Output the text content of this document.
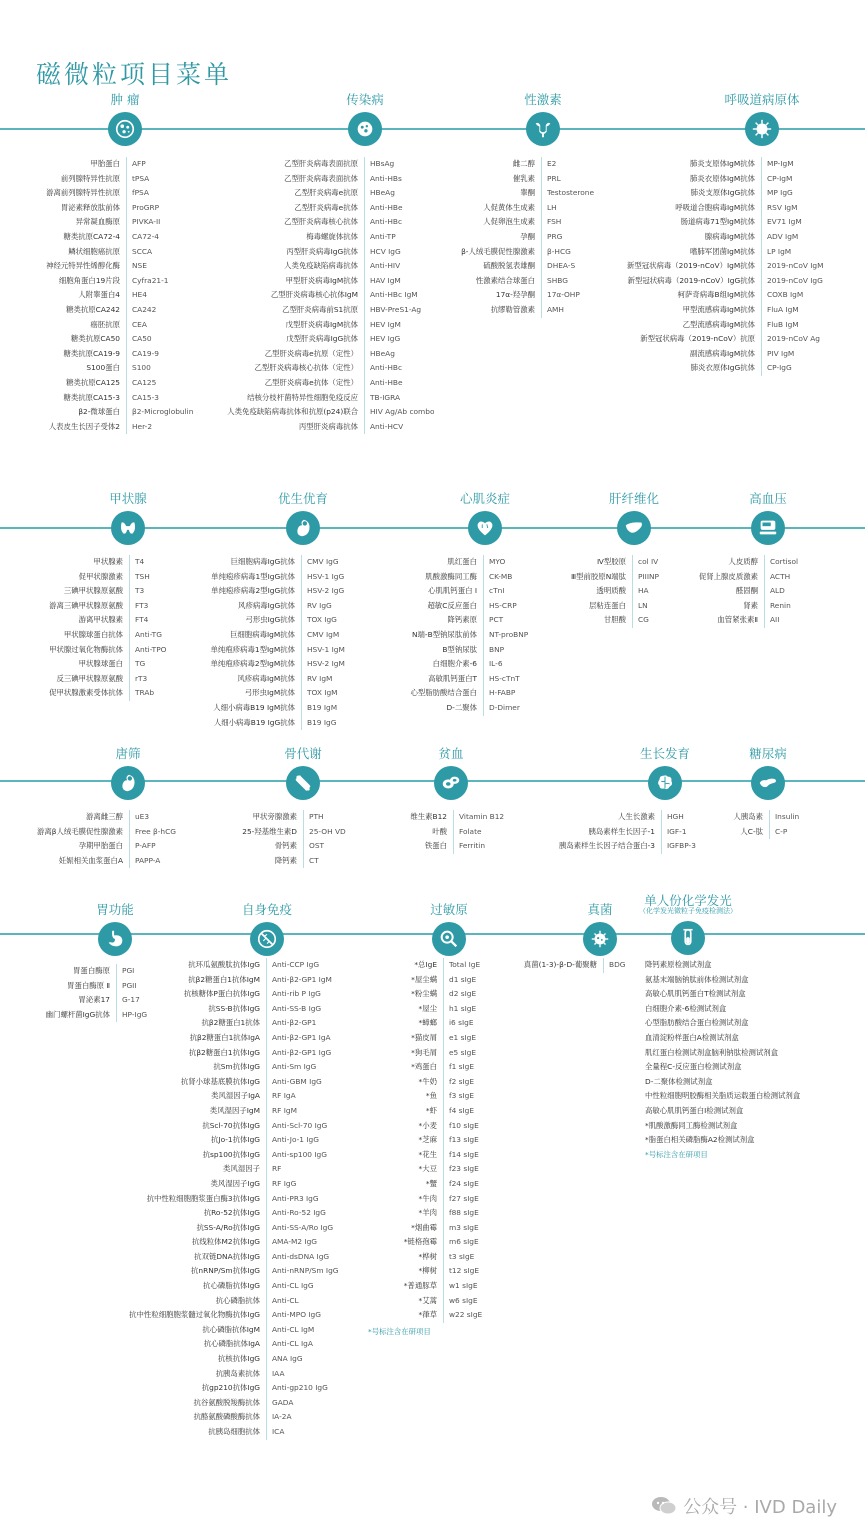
磁微粒项目菜单
肿 瘤
甲胎蛋白
前列腺特异性抗原
游离前列腺特异性抗原
胃泌素释放肽前体
异常凝血酶原
糖类抗原CA72-4
鳞状细胞癌抗原
神经元特异性烯醇化酶
细胞角蛋白19片段
人附睾蛋白4
糖类抗原CA242
癌胚抗原
糖类抗原CA50
糖类抗原CA19-9
S100蛋白
糖类抗原CA125
糖类抗原CA15-3
β2-微球蛋白
人表皮生长因子受体2
AFP
tPSA
fPSA
ProGRP
PIVKA-II
CA72-4
SCCA
NSE
Cyfra21-1
HE4
CA242
CEA
CA50
CA19-9
S100
CA125
CA15-3
β2-Microglobulin
Her-2
传染病
乙型肝炎病毒表面抗原
乙型肝炎病毒表面抗体
乙型肝炎病毒e抗原
乙型肝炎病毒e抗体
乙型肝炎病毒核心抗体
梅毒螺旋体抗体
丙型肝炎病毒IgG抗体
人类免疫缺陷病毒抗体
甲型肝炎病毒IgM抗体
乙型肝炎病毒核心抗体IgM
乙型肝炎病毒前S1抗原
戊型肝炎病毒IgM抗体
戊型肝炎病毒IgG抗体
乙型肝炎病毒e抗原（定性）
乙型肝炎病毒核心抗体（定性）
乙型肝炎病毒e抗体（定性）
结核分枝杆菌特异性细胞免疫反应
人类免疫缺陷病毒抗体和抗原(p24)联合
丙型肝炎病毒抗体
HBsAg
Anti-HBs
HBeAg
Anti-HBe
Anti-HBc
Anti-TP
HCV IgG
Anti-HIV
HAV IgM
Anti-HBc IgM
HBV-PreS1-Ag
HEV IgM
HEV IgG
HBeAg
Anti-HBc
Anti-HBe
TB-IGRA
HIV Ag/Ab combo
Anti-HCV
性激素
雌二醇
催乳素
睾酮
人促黄体生成素
人促卵泡生成素
孕酮
β-人绒毛膜促性腺激素
硫酸脱氢表雄酮
性激素结合球蛋白
17α-羟孕酮
抗缪勒管激素
E2
PRL
Testosterone
LH
FSH
PRG
β-HCG
DHEA-S
SHBG
17α-OHP
AMH
呼吸道病原体
肺炎支原体IgM抗体
肺炎衣原体IgM抗体
肺炎支原体IgG抗体
呼吸道合胞病毒IgM抗体
肠道病毒71型IgM抗体
腺病毒IgM抗体
嗜肺军团菌IgM抗体
新型冠状病毒（2019-nCoV）IgM抗体
新型冠状病毒（2019-nCoV）IgG抗体
柯萨奇病毒B组IgM抗体
甲型流感病毒IgM抗体
乙型流感病毒IgM抗体
新型冠状病毒（2019-nCoV）抗原
副流感病毒IgM抗体
肺炎衣原体IgG抗体
MP-IgM
CP-IgM
MP IgG
RSV IgM
EV71 IgM
ADV IgM
LP IgM
2019-nCoV IgM
2019-nCoV IgG
COXB IgM
FluA IgM
FluB IgM
2019-nCoV Ag
PIV IgM
CP-IgG
甲状腺
甲状腺素
促甲状腺激素
三碘甲状腺原氨酸
游离三碘甲状腺原氨酸
游离甲状腺素
甲状腺球蛋白抗体
甲状腺过氧化物酶抗体
甲状腺球蛋白
反三碘甲状腺原氨酸
促甲状腺激素受体抗体
T4
TSH
T3
FT3
FT4
Anti-TG
Anti-TPO
TG
rT3
TRAb
优生优育
巨细胞病毒IgG抗体
单纯疱疹病毒1型IgG抗体
单纯疱疹病毒2型IgG抗体
风疹病毒IgG抗体
弓形虫IgG抗体
巨细胞病毒IgM抗体
单纯疱疹病毒1型IgM抗体
单纯疱疹病毒2型IgM抗体
风疹病毒IgM抗体
弓形虫IgM抗体
人细小病毒B19 IgM抗体
人细小病毒B19 IgG抗体
CMV IgG
HSV-1 IgG
HSV-2 IgG
RV IgG
TOX IgG
CMV IgM
HSV-1 IgM
HSV-2 IgM
RV IgM
TOX IgM
B19 IgM
B19 IgG
心肌炎症
肌红蛋白
肌酸激酶同工酶
心肌肌钙蛋白 I
超敏C反应蛋白
降钙素原
N端-B型钠尿肽前体
B型钠尿肽
白细胞介素-6
高敏肌钙蛋白T
心型脂肪酸结合蛋白
D-二聚体
MYO
CK-MB
cTnI
HS-CRP
PCT
NT-proBNP
BNP
IL-6
HS-cTnT
H-FABP
D-Dimer
肝纤维化
Ⅳ型胶原
Ⅲ型前胶原N端肽
透明质酸
层粘连蛋白
甘胆酸
col IV
PIIINP
HA
LN
CG
高血压
人皮质醇
促肾上腺皮质激素
醛固酮
肾素
血管紧张素Ⅱ
Cortisol
ACTH
ALD
Renin
AII
唐筛
游离雌三醇
游离β人绒毛膜促性腺激素
孕期甲胎蛋白
妊娠相关血浆蛋白A
uE3
Free β-hCG
P-AFP
PAPP-A
骨代谢
甲状旁腺激素
25-羟基维生素D
骨钙素
降钙素
PTH
25-OH VD
OST
CT
贫血
维生素B12
叶酸
铁蛋白
Vitamin B12
Folate
Ferritin
生长发育
人生长激素
胰岛素样生长因子-1
胰岛素样生长因子结合蛋白-3
HGH
IGF-1
IGFBP-3
糖尿病
人胰岛素
人C-肽
Insulin
C-P
胃功能
胃蛋白酶原
胃蛋白酶原 Ⅱ
胃泌素17
幽门螺杆菌IgG抗体
PGI
PGII
G-17
HP-IgG
自身免疫
抗环瓜氨酸肽抗体IgG
抗β2糖蛋白1抗体IgM
抗核糖体P蛋白抗体IgG
抗SS-B抗体IgG
抗β2糖蛋白1抗体
抗β2糖蛋白1抗体IgA
抗β2糖蛋白1抗体IgG
抗Sm抗体IgG
抗肾小球基底膜抗体IgG
类风湿因子IgA
类风湿因子IgM
抗Scl-70抗体IgG
抗Jo-1抗体IgG
抗sp100抗体IgG
类风湿因子
类风湿因子IgG
抗中性粒细胞胞浆蛋白酶3抗体IgG
抗Ro-52抗体IgG
抗SS-A/Ro抗体IgG
抗线粒体M2抗体IgG
抗双链DNA抗体IgG
抗nRNP/Sm抗体IgG
抗心磷脂抗体IgG
抗心磷脂抗体
抗中性粒细胞胞浆髓过氧化物酶抗体IgG
抗心磷脂抗体IgM
抗心磷脂抗体IgA
抗核抗体IgG
抗胰岛素抗体
抗gp210抗体IgG
抗谷氨酸脱羧酶抗体
抗酪氨酸磷酸酶抗体
抗胰岛细胞抗体
Anti-CCP IgG
Anti-β2-GP1 IgM
Anti-rib P IgG
Anti-SS-B IgG
Anti-β2-GP1
Anti-β2-GP1 IgA
Anti-β2-GP1 IgG
Anti-Sm IgG
Anti-GBM IgG
RF IgA
RF IgM
Anti-Scl-70 IgG
Anti-Jo-1 IgG
Anti-sp100 IgG
RF
RF IgG
Anti-PR3 IgG
Anti-Ro-52 IgG
Anti-SS-A/Ro IgG
AMA-M2 IgG
Anti-dsDNA IgG
Anti-nRNP/Sm IgG
Anti-CL IgG
Anti-CL
Anti-MPO IgG
Anti-CL IgM
Anti-CL IgA
ANA IgG
IAA
Anti-gp210 IgG
GADA
IA-2A
ICA
过敏原
*总IgE
*屋尘螨
*粉尘螨
*屋尘
*蟑螂
*猫皮屑
*狗毛屑
*鸡蛋白
*牛奶
*鱼
*虾
*小麦
*芝麻
*花生
*大豆
*蟹
*牛肉
*羊肉
*烟曲霉
*链格孢霉
*桦树
*柳树
*普通豚草
*艾蒿
*葎草
Total IgE
d1 sIgE
d2 sIgE
h1 sIgE
i6 sIgE
e1 sIgE
e5 sIgE
f1 sIgE
f2 sIgE
f3 sIgE
f4 sIgE
f10 sIgE
f13 sIgE
f14 sIgE
f23 sIgE
f24 sIgE
f27 sIgE
f88 sIgE
m3 sIgE
m6 sIgE
t3 sIgE
t12 sIgE
w1 sIgE
w6 sIgE
w22 sIgE
*号标注含在研项目
真菌
真菌(1-3)-β-D-葡聚糖 BDG
单人份化学发光
（化学发光微粒子免疫检测法）
降钙素原检测试剂盒
氨基末端脑钠肽前体检测试剂盒
高敏心肌肌钙蛋白T检测试剂盒
白细胞介素-6检测试剂盒
心型脂肪酸结合蛋白检测试剂盒
血清淀粉样蛋白A检测试剂盒
肌红蛋白检测试剂盒脑利钠肽检测试剂盒
全量程C-反应蛋白检测试剂盒
D-二聚体检测试剂盒
中性粒细胞明胶酶相关脂质运载蛋白检测试剂盒
高敏心肌肌钙蛋白I检测试剂盒
*肌酸激酶同工酶检测试剂盒
*脂蛋白相关磷脂酶A2检测试剂盒
*号标注含在研项目
公众号 · IVD Daily
